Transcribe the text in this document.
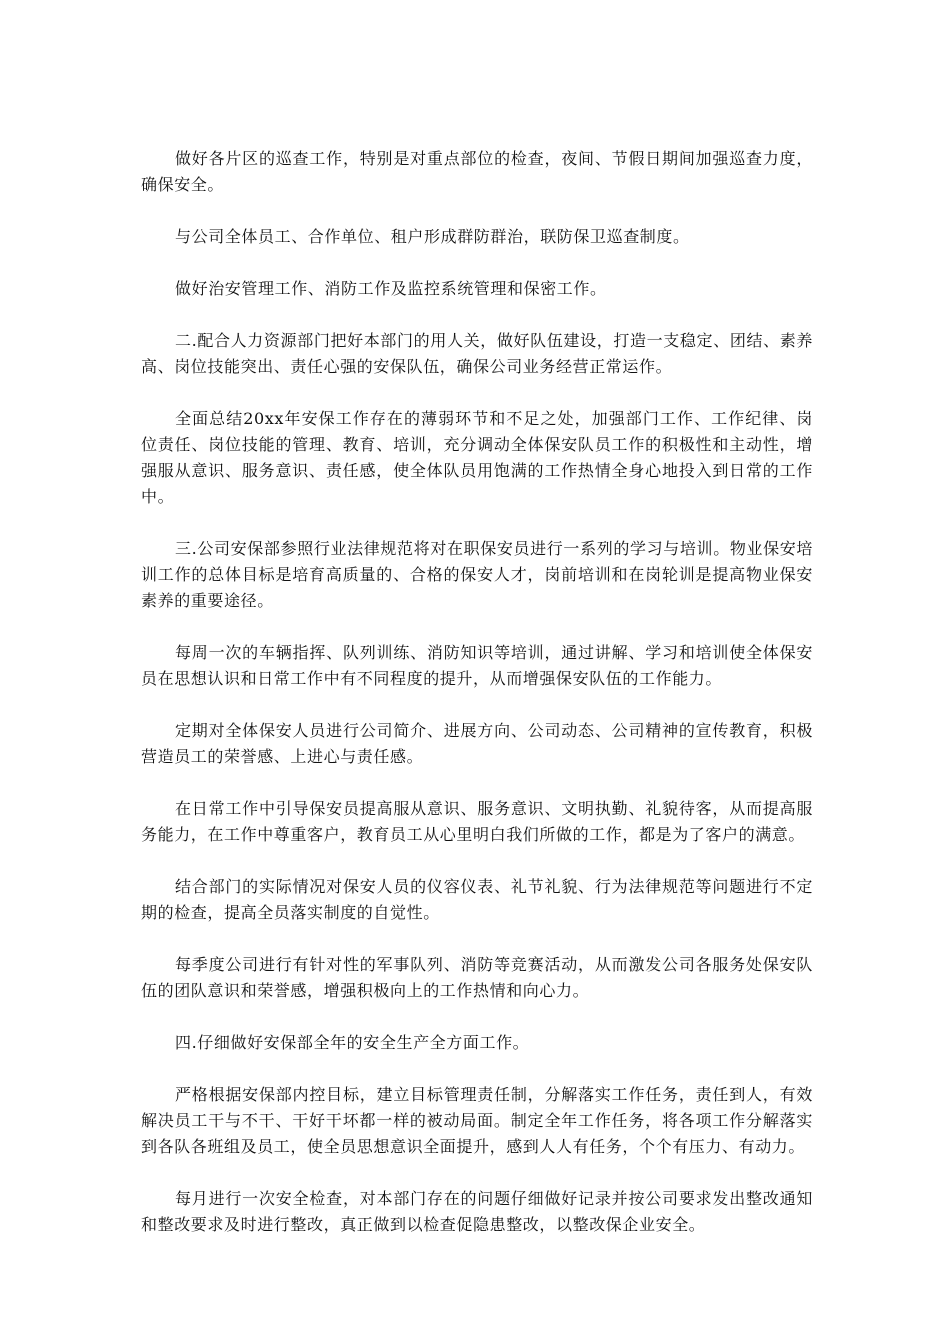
做好各片区的巡查工作，特别是对重点部位的检查，夜间、节假日期间加强巡查力度，确保安全。

与公司全体员工、合作单位、租户形成群防群治，联防保卫巡查制度。

做好治安管理工作、消防工作及监控系统管理和保密工作。

二.配合人力资源部门把好本部门的用人关，做好队伍建设，打造一支稳定、团结、素养高、岗位技能突出、责任心强的安保队伍，确保公司业务经营正常运作。

全面总结20xx年安保工作存在的薄弱环节和不足之处，加强部门工作、工作纪律、岗位责任、岗位技能的管理、教育、培训，充分调动全体保安队员工作的积极性和主动性，增强服从意识、服务意识、责任感，使全体队员用饱满的工作热情全身心地投入到日常的工作中。

三.公司安保部参照行业法律规范将对在职保安员进行一系列的学习与培训。物业保安培训工作的总体目标是培育高质量的、合格的保安人才，岗前培训和在岗轮训是提高物业保安素养的重要途径。

每周一次的车辆指挥、队列训练、消防知识等培训，通过讲解、学习和培训使全体保安员在思想认识和日常工作中有不同程度的提升，从而增强保安队伍的工作能力。

定期对全体保安人员进行公司简介、进展方向、公司动态、公司精神的宣传教育，积极营造员工的荣誉感、上进心与责任感。

在日常工作中引导保安员提高服从意识、服务意识、文明执勤、礼貌待客，从而提高服务能力，在工作中尊重客户，教育员工从心里明白我们所做的工作，都是为了客户的满意。

结合部门的实际情况对保安人员的仪容仪表、礼节礼貌、行为法律规范等问题进行不定期的检查，提高全员落实制度的自觉性。

每季度公司进行有针对性的军事队列、消防等竞赛活动，从而激发公司各服务处保安队伍的团队意识和荣誉感，增强积极向上的工作热情和向心力。

四.仔细做好安保部全年的安全生产全方面工作。

严格根据安保部内控目标，建立目标管理责任制，分解落实工作任务，责任到人，有效解决员工干与不干、干好干坏都一样的被动局面。制定全年工作任务，将各项工作分解落实到各队各班组及员工，使全员思想意识全面提升，感到人人有任务，个个有压力、有动力。

每月进行一次安全检查，对本部门存在的问题仔细做好记录并按公司要求发出整改通知和整改要求及时进行整改，真正做到以检查促隐患整改，以整改保企业安全。
